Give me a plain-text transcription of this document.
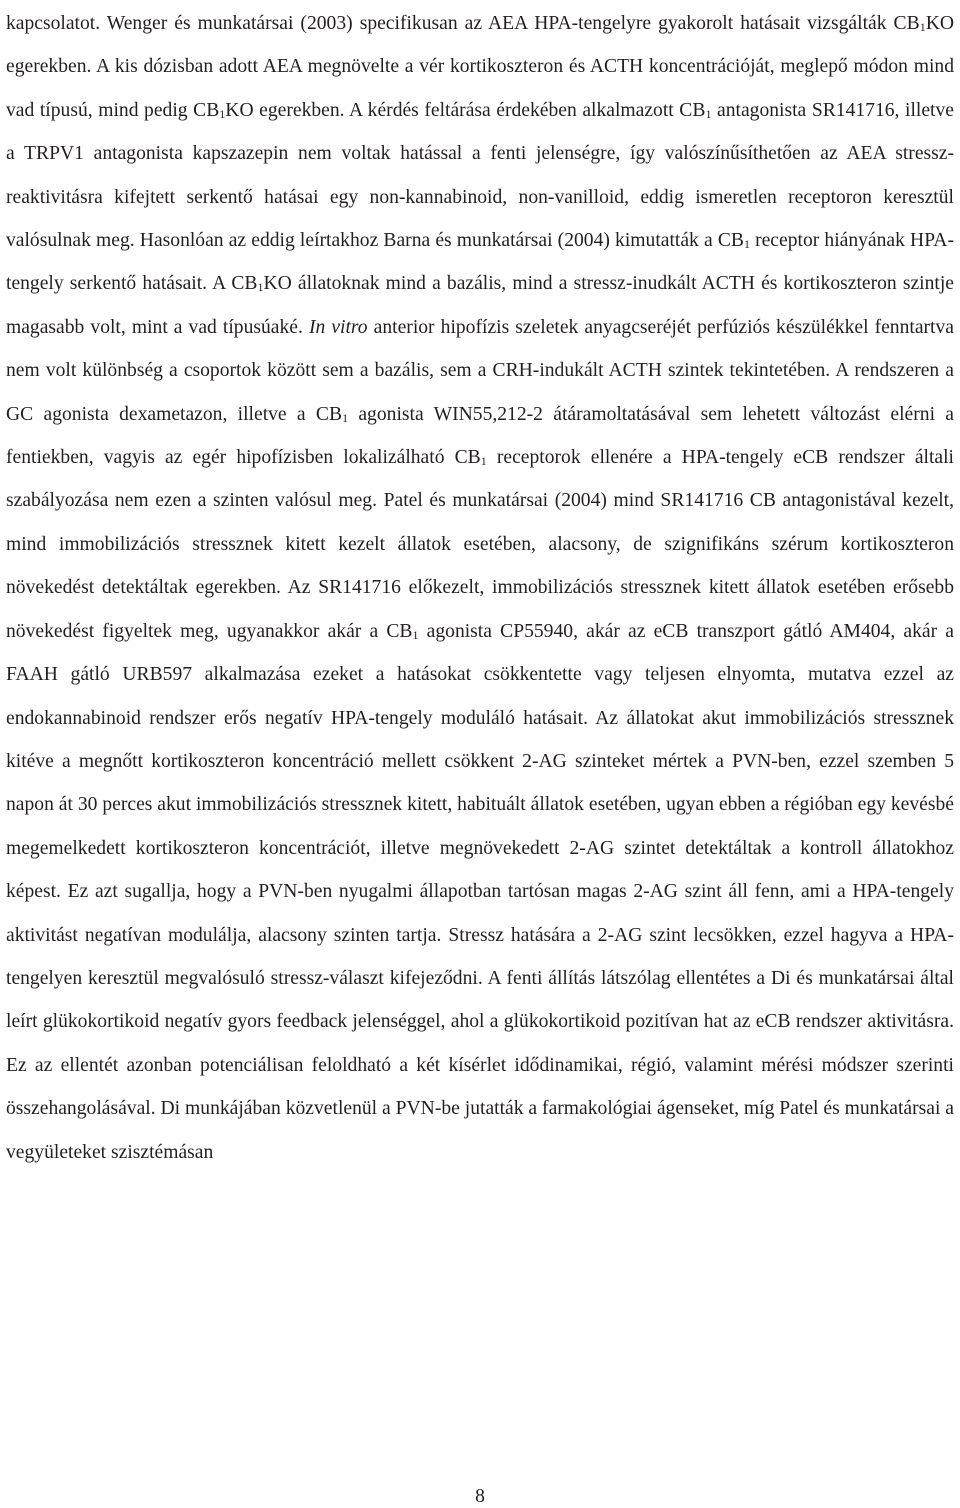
kapcsolatot. Wenger és munkatársai (2003) specifikusan az AEA HPA-tengelyre gyakorolt hatásait vizsgálták $CB_1KO$ egerekben. A kis dózisban adott AEA megnövelte a vér kortikoszteron és ACTH koncentrációját, meglepő módon mind vad típusú, mind pedig $CB_1KO$ egerekben. A kérdés feltárása érdekében alkalmazott $CB_1$ antagonista SR141716, illetve a TRPV1 antagonista kapszazepin nem voltak hatással a fenti jelenségre, így valószínűsíthetően az AEA stressz-reaktivitásra kifejtett serkentő hatásai egy non-kannabinoid, non-vanilloid, eddig ismeretlen receptoron keresztül valósulnak meg. Hasonlóan az eddig leírtakhoz Barna és munkatársai (2004) kimutatták a $CB_1$ receptor hiányának HPA-tengely serkentő hatásait. A $CB_1KO$ állatoknak mind a bazális, mind a stressz-inudkált ACTH és kortikoszteron szintje magasabb volt, mint a vad típusúaké. In vitro anterior hipofízis szeletek anyagcseréjét perfúziós készülékkel fenntartva nem volt különbség a csoportok között sem a bazális, sem a CRH-indukált ACTH szintek tekintetében. A rendszeren a GC agonista dexametazon, illetve a $CB_1$ agonista WIN55,212-2 átáramoltatásával sem lehetett változást elérni a fentiekben, vagyis az egér hipofízisben lokalizálható $CB_1$ receptorok ellenére a HPA-tengely eCB rendszer általi szabályozása nem ezen a szinten valósul meg. Patel és munkatársai (2004) mind SR141716 CB antagonistával kezelt, mind immobilizációs stressznek kitett kezelt állatok esetében, alacsony, de szignifikáns szérum kortikoszteron növekedést detektáltak egerekben. Az SR141716 előkezelt, immobilizációs stressznek kitett állatok esetében erősebb növekedést figyeltek meg, ugyanakkor akár a $CB_1$ agonista CP55940, akár az eCB transzport gátló AM404, akár a FAAH gátló URB597 alkalmazása ezeket a hatásokat csökkentette vagy teljesen elnyomta, mutatva ezzel az endokannabinoid rendszer erős negatív HPA-tengely moduláló hatásait. Az állatokat akut immobilizációs stressznek kitéve a megnőtt kortikoszteron koncentráció mellett csökkent 2-AG szinteket mértek a PVN-ben, ezzel szemben 5 napon át 30 perces akut immobilizációs stressznek kitett, habituált állatok esetében, ugyan ebben a régióban egy kevésbé megemelkedett kortikoszteron koncentrációt, illetve megnövekedett 2-AG szintet detektáltak a kontroll állatokhoz képest. Ez azt sugallja, hogy a PVN-ben nyugalmi állapotban tartósan magas 2-AG szint áll fenn, ami a HPA-tengely aktivitást negatívan modulálja, alacsony szinten tartja. Stressz hatására a 2-AG szint lecsökken, ezzel hagyva a HPA-tengelyen keresztül megvalósuló stressz-választ kifejeződni. A fenti állítás látszólag ellentétes a Di és munkatársai által leírt glükokortikoid negatív gyors feedback jelenséggel, ahol a glükokortikoid pozitívan hat az eCB rendszer aktivitásra. Ez az ellentét azonban potenciálisan feloldható a két kísérlet idődinamikai, régió, valamint mérési módszer szerinti összehangolásával. Di munkájában közvetlenül a PVN-be jutatták a farmakológiai ágenseket, míg Patel és munkatársai a vegyületeket szisztémásan

8
